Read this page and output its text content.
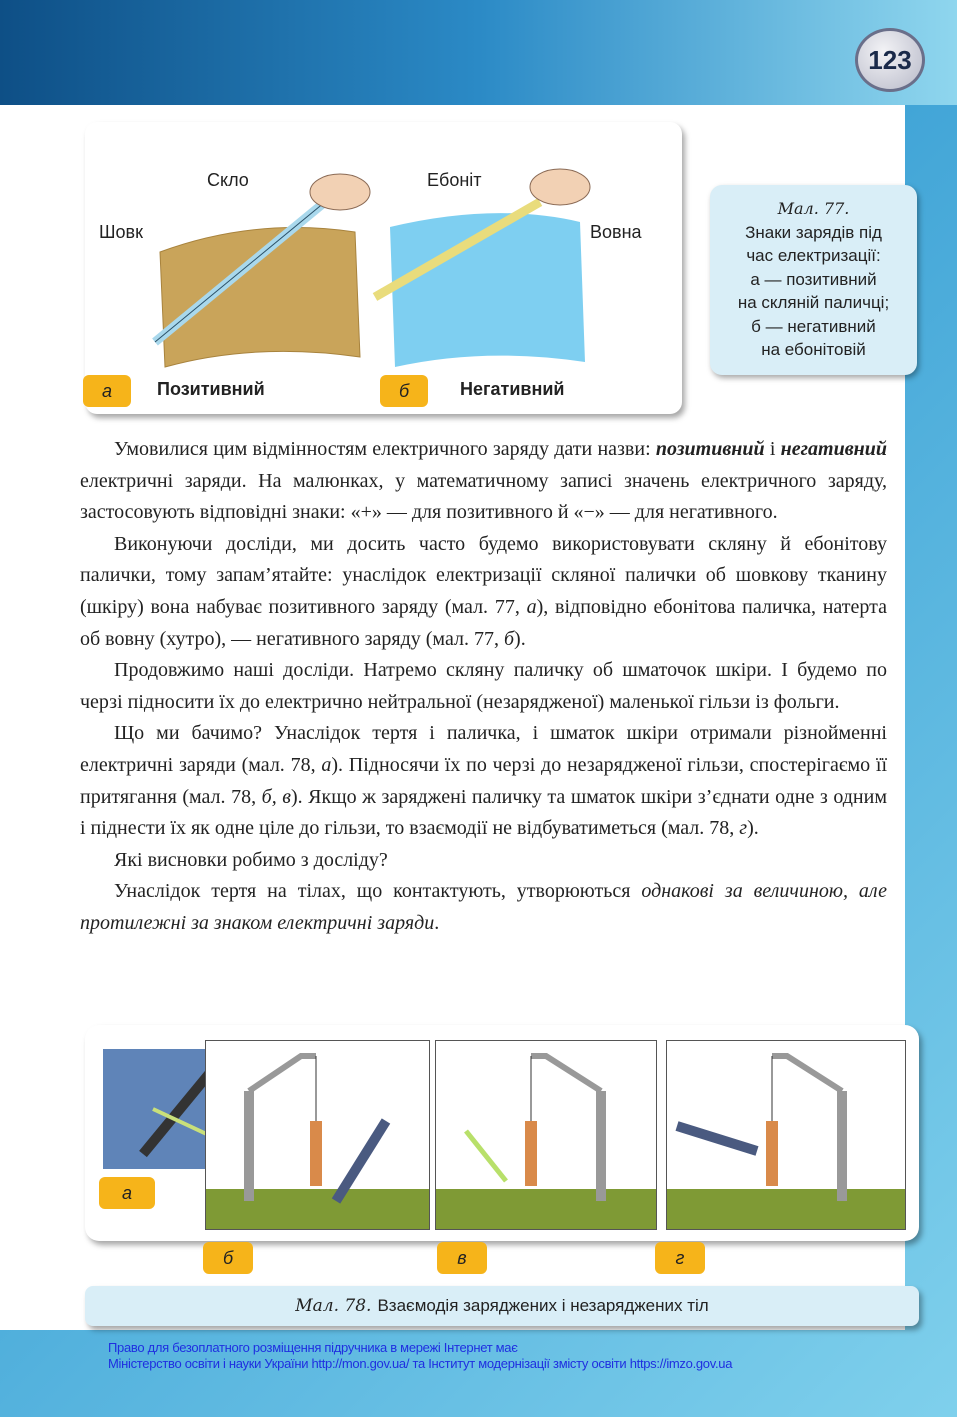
123
Скло
Шовк
Ебоніт
Вовна
а	Позитивний	б	Негативний
Мал. 77.
Знаки зарядів під
час електризації:
а — позитивний
на скляній паличці;
б — негативний
на ебонітовій

Умовилися цим відмінностям електричного заряду дати назви: позитивний і негативний електричні заряди. На малюнках, у математичному записі значень електричного заряду, застосовують відповідні знаки: «+» — для позитивного й «−» — для негативного.

Виконуючи досліди, ми досить часто будемо використовувати скляну й ебонітову палички, тому запам’ятайте: унаслідок електризації скляної палички об шовкову тканину (шкіру) вона набуває позитивного заряду (мал. 77, а), відповідно ебонітова паличка, натерта об вовну (хутро), — негативного заряду (мал. 77, б).

Продовжимо наші досліди. Натремо скляну паличку об шматочок шкіри. І будемо по черзі підносити їх до електрично нейтральної (незарядженої) маленької гільзи із фольги.

Що ми бачимо? Унаслідок тертя і паличка, і шматок шкіри отримали різнойменні електричні заряди (мал. 78, а). Підносячи їх по черзі до незарядженої гільзи, спостерігаємо її притягання (мал. 78, б, в). Якщо ж заряджені паличку та шматок шкіри з’єднати одне з одним і піднести їх як одне ціле до гільзи, то взаємодії не відбуватиметься (мал. 78, г).

Які висновки робимо з досліду?

Унаслідок тертя на тілах, що контактують, утворюються однакові за величиною, але протилежні за знаком електричні заряди.

а
б	в	г
Мал. 78. Взаємодія заряджених і незаряджених тіл
Право для безоплатного розміщення підручника в мережі Інтернет має
Міністерство освіти і науки України http://mon.gov.ua/ та Інститут модернізації змісту освіти https://imzo.gov.ua
